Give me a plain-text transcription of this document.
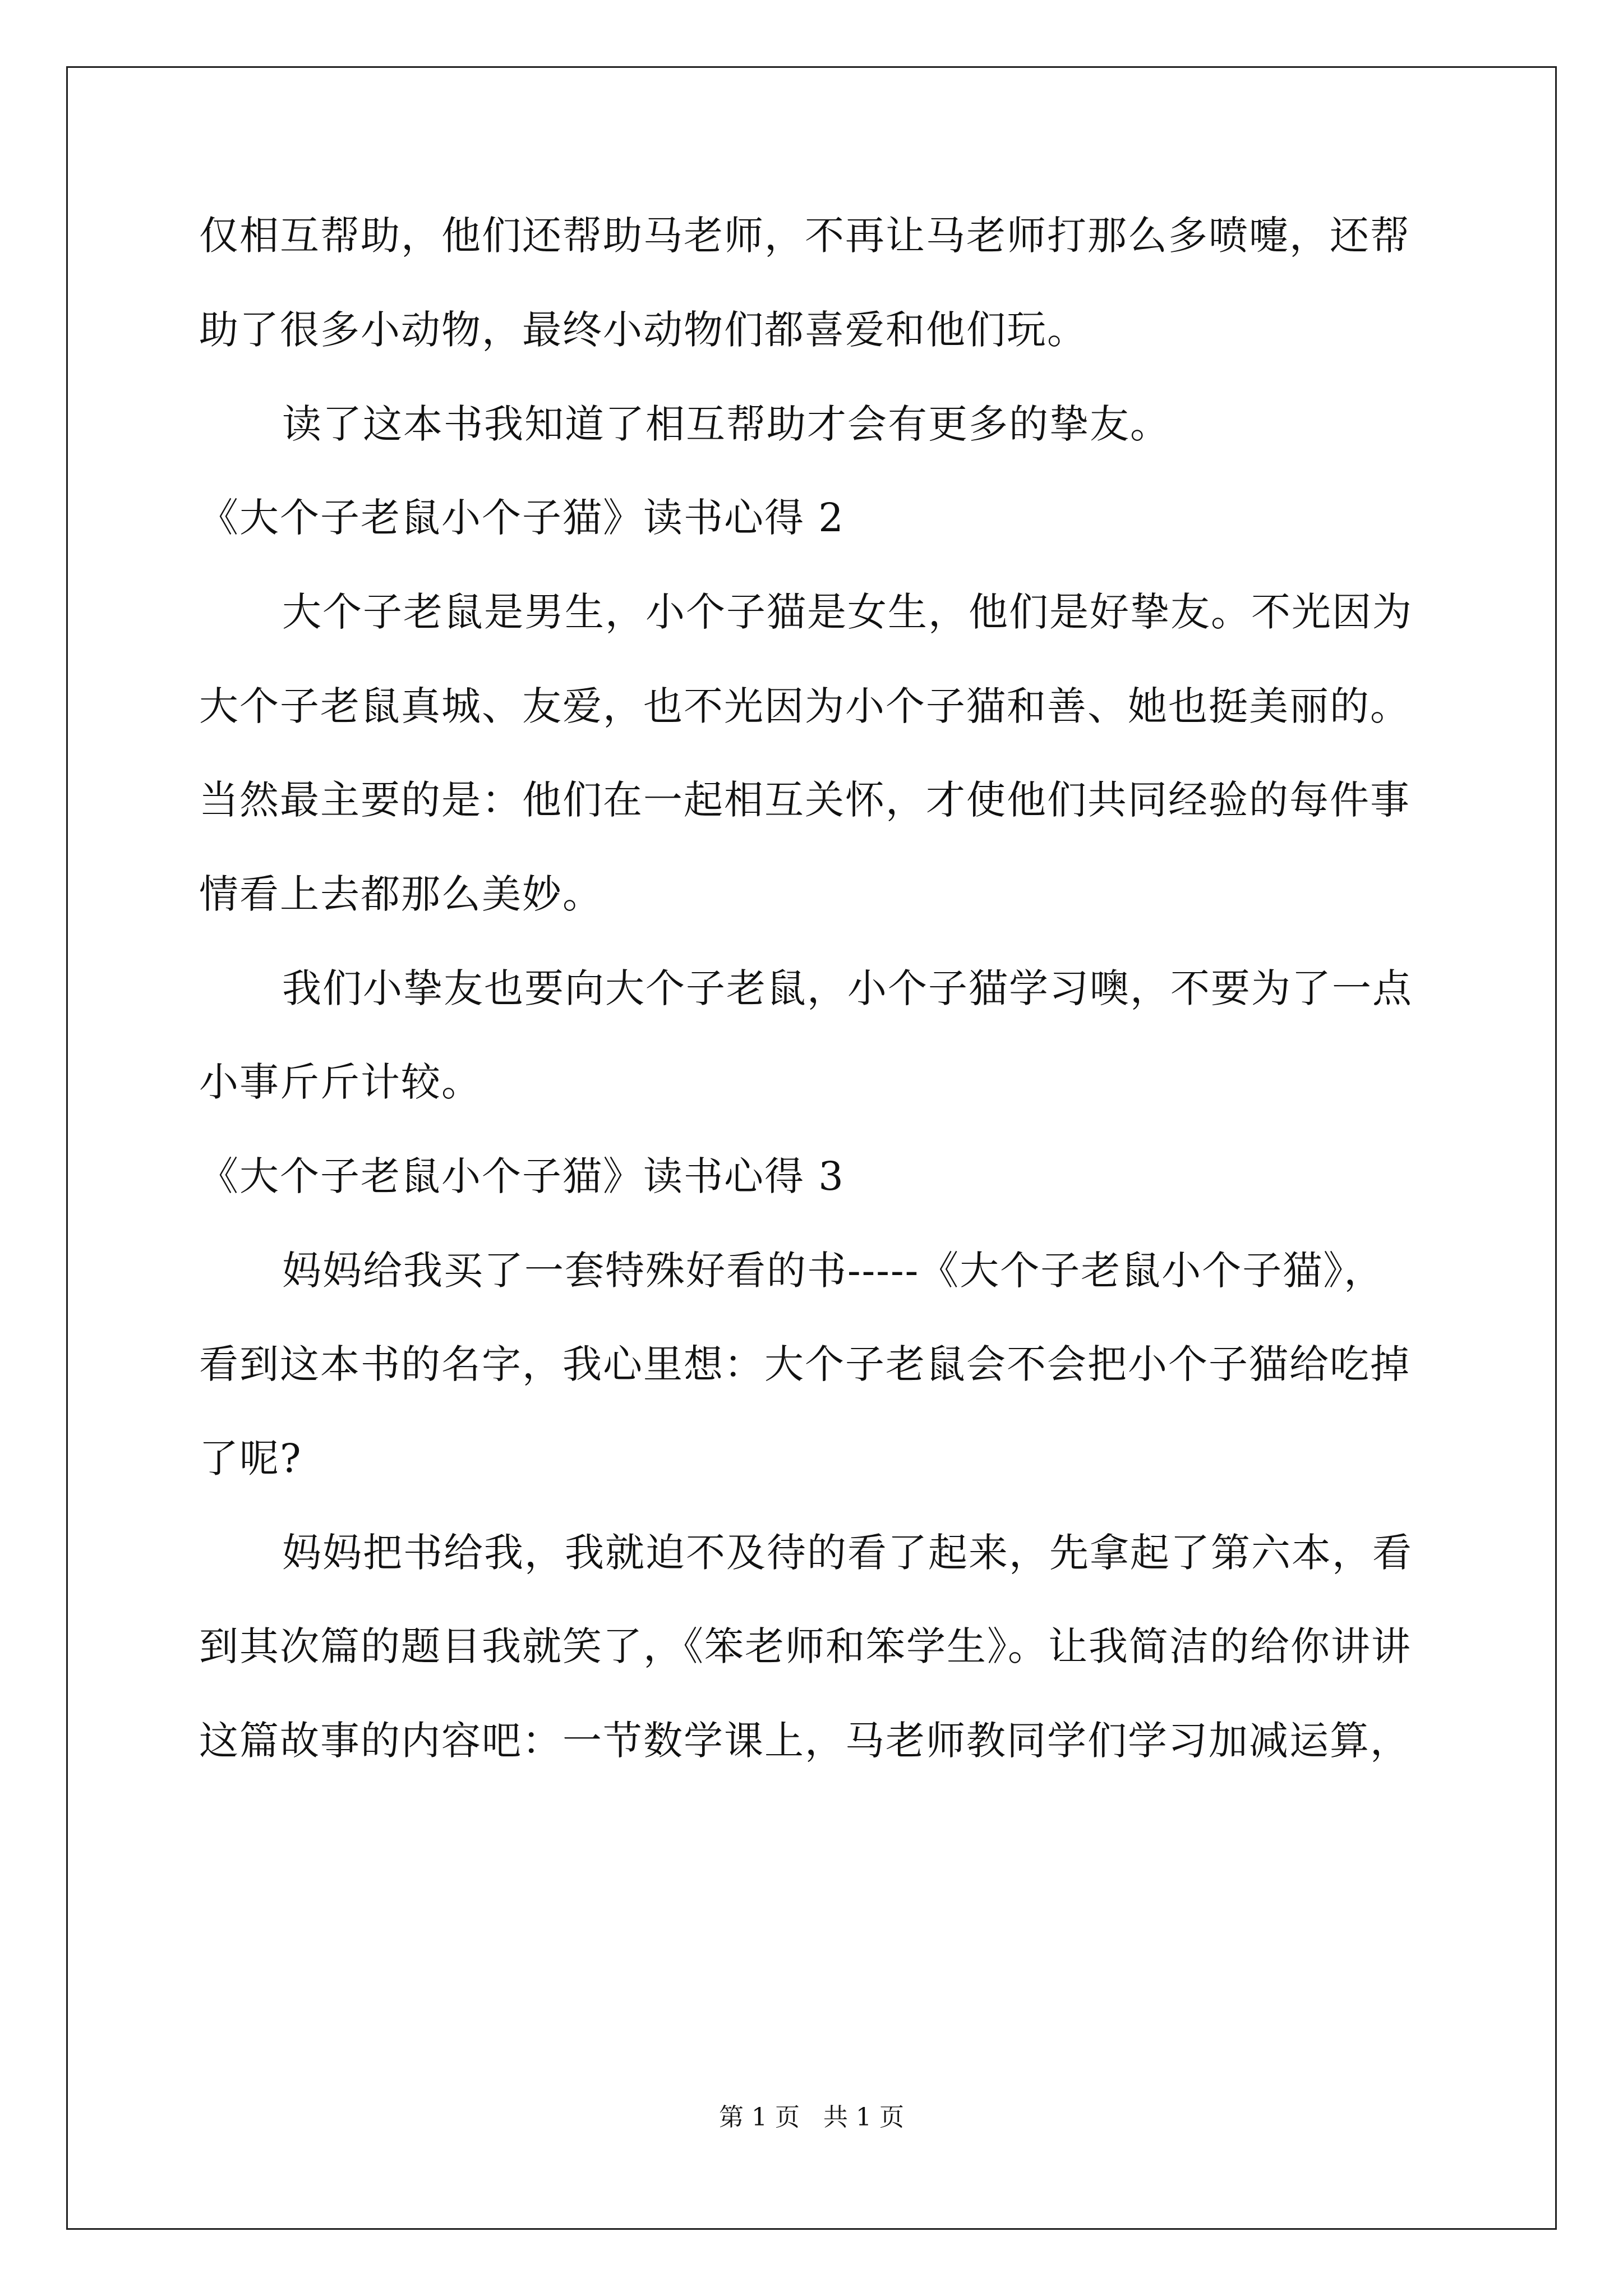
仅相互帮助，他们还帮助马老师，不再让马老师打那么多喷嚏，还帮
助了很多小动物，最终小动物们都喜爱和他们玩。
读了这本书我知道了相互帮助才会有更多的挚友。
《大个子老鼠小个子猫》读书心得 2
大个子老鼠是男生，小个子猫是女生，他们是好挚友。不光因为
大个子老鼠真城、友爱，也不光因为小个子猫和善、她也挺美丽的。
当然最主要的是：他们在一起相互关怀，才使他们共同经验的每件事
情看上去都那么美妙。
我们小挚友也要向大个子老鼠，小个子猫学习噢，不要为了一点
小事斤斤计较。
《大个子老鼠小个子猫》读书心得 3
妈妈给我买了一套特殊好看的书-----《大个子老鼠小个子猫》，
看到这本书的名字，我心里想：大个子老鼠会不会把小个子猫给吃掉
了呢?
妈妈把书给我，我就迫不及待的看了起来，先拿起了第六本，看
到其次篇的题目我就笑了，《笨老师和笨学生》。让我简洁的给你讲讲
这篇故事的内容吧：一节数学课上，马老师教同学们学习加减运算，
第 1 页 共 1 页
